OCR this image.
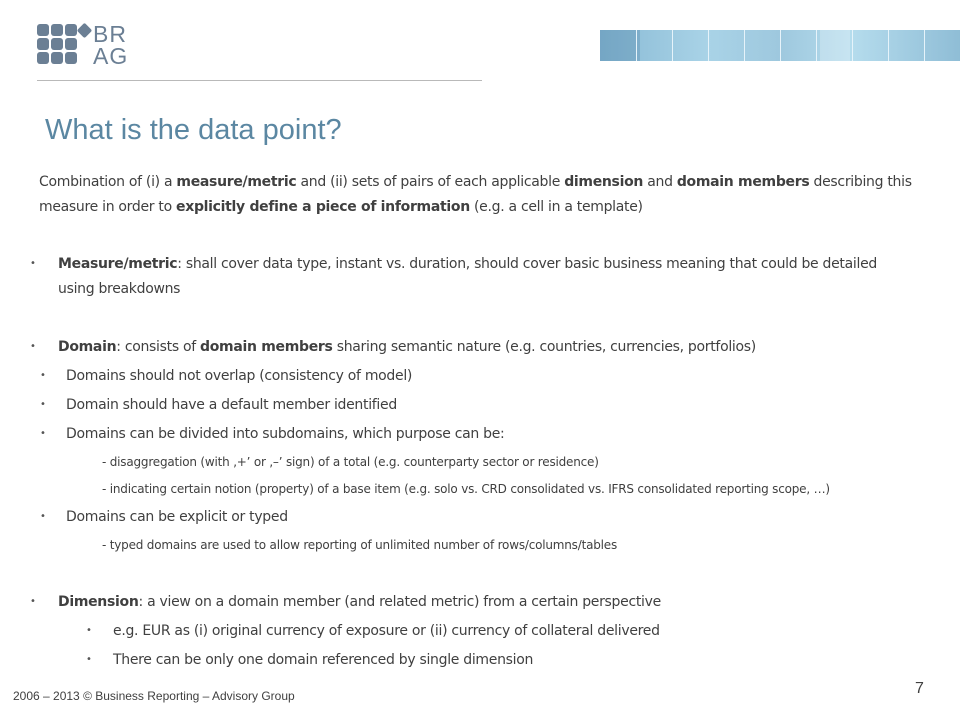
BR
AG
What is the data point?
Combination of (i) a measure/metric and (ii) sets of pairs of each applicable dimension and domain members describing this measure in order to explicitly define a piece of information (e.g. a cell in a template)
• Measure/metric: shall cover data type, instant vs. duration, should cover basic business meaning that could be detailed
using breakdowns
• Domain: consists of domain members sharing semantic nature (e.g. countries, currencies, portfolios)
• Domains should not overlap (consistency of model)
• Domain should have a default member identified
• Domains can be divided into subdomains, which purpose can be:
- disaggregation (with ‚+’ or ‚–’ sign) of a total (e.g. counterparty sector or residence)
- indicating certain notion (property) of a base item (e.g. solo vs. CRD consolidated vs. IFRS consolidated reporting scope, …)
• Domains can be explicit or typed
- typed domains are used to allow reporting of unlimited number of rows/columns/tables
• Dimension: a view on a domain member (and related metric) from a certain perspective
• e.g. EUR as (i) original currency of exposure or (ii) currency of collateral delivered
• There can be only one domain referenced by single dimension
2006 – 2013 © Business Reporting – Advisory Group	7
